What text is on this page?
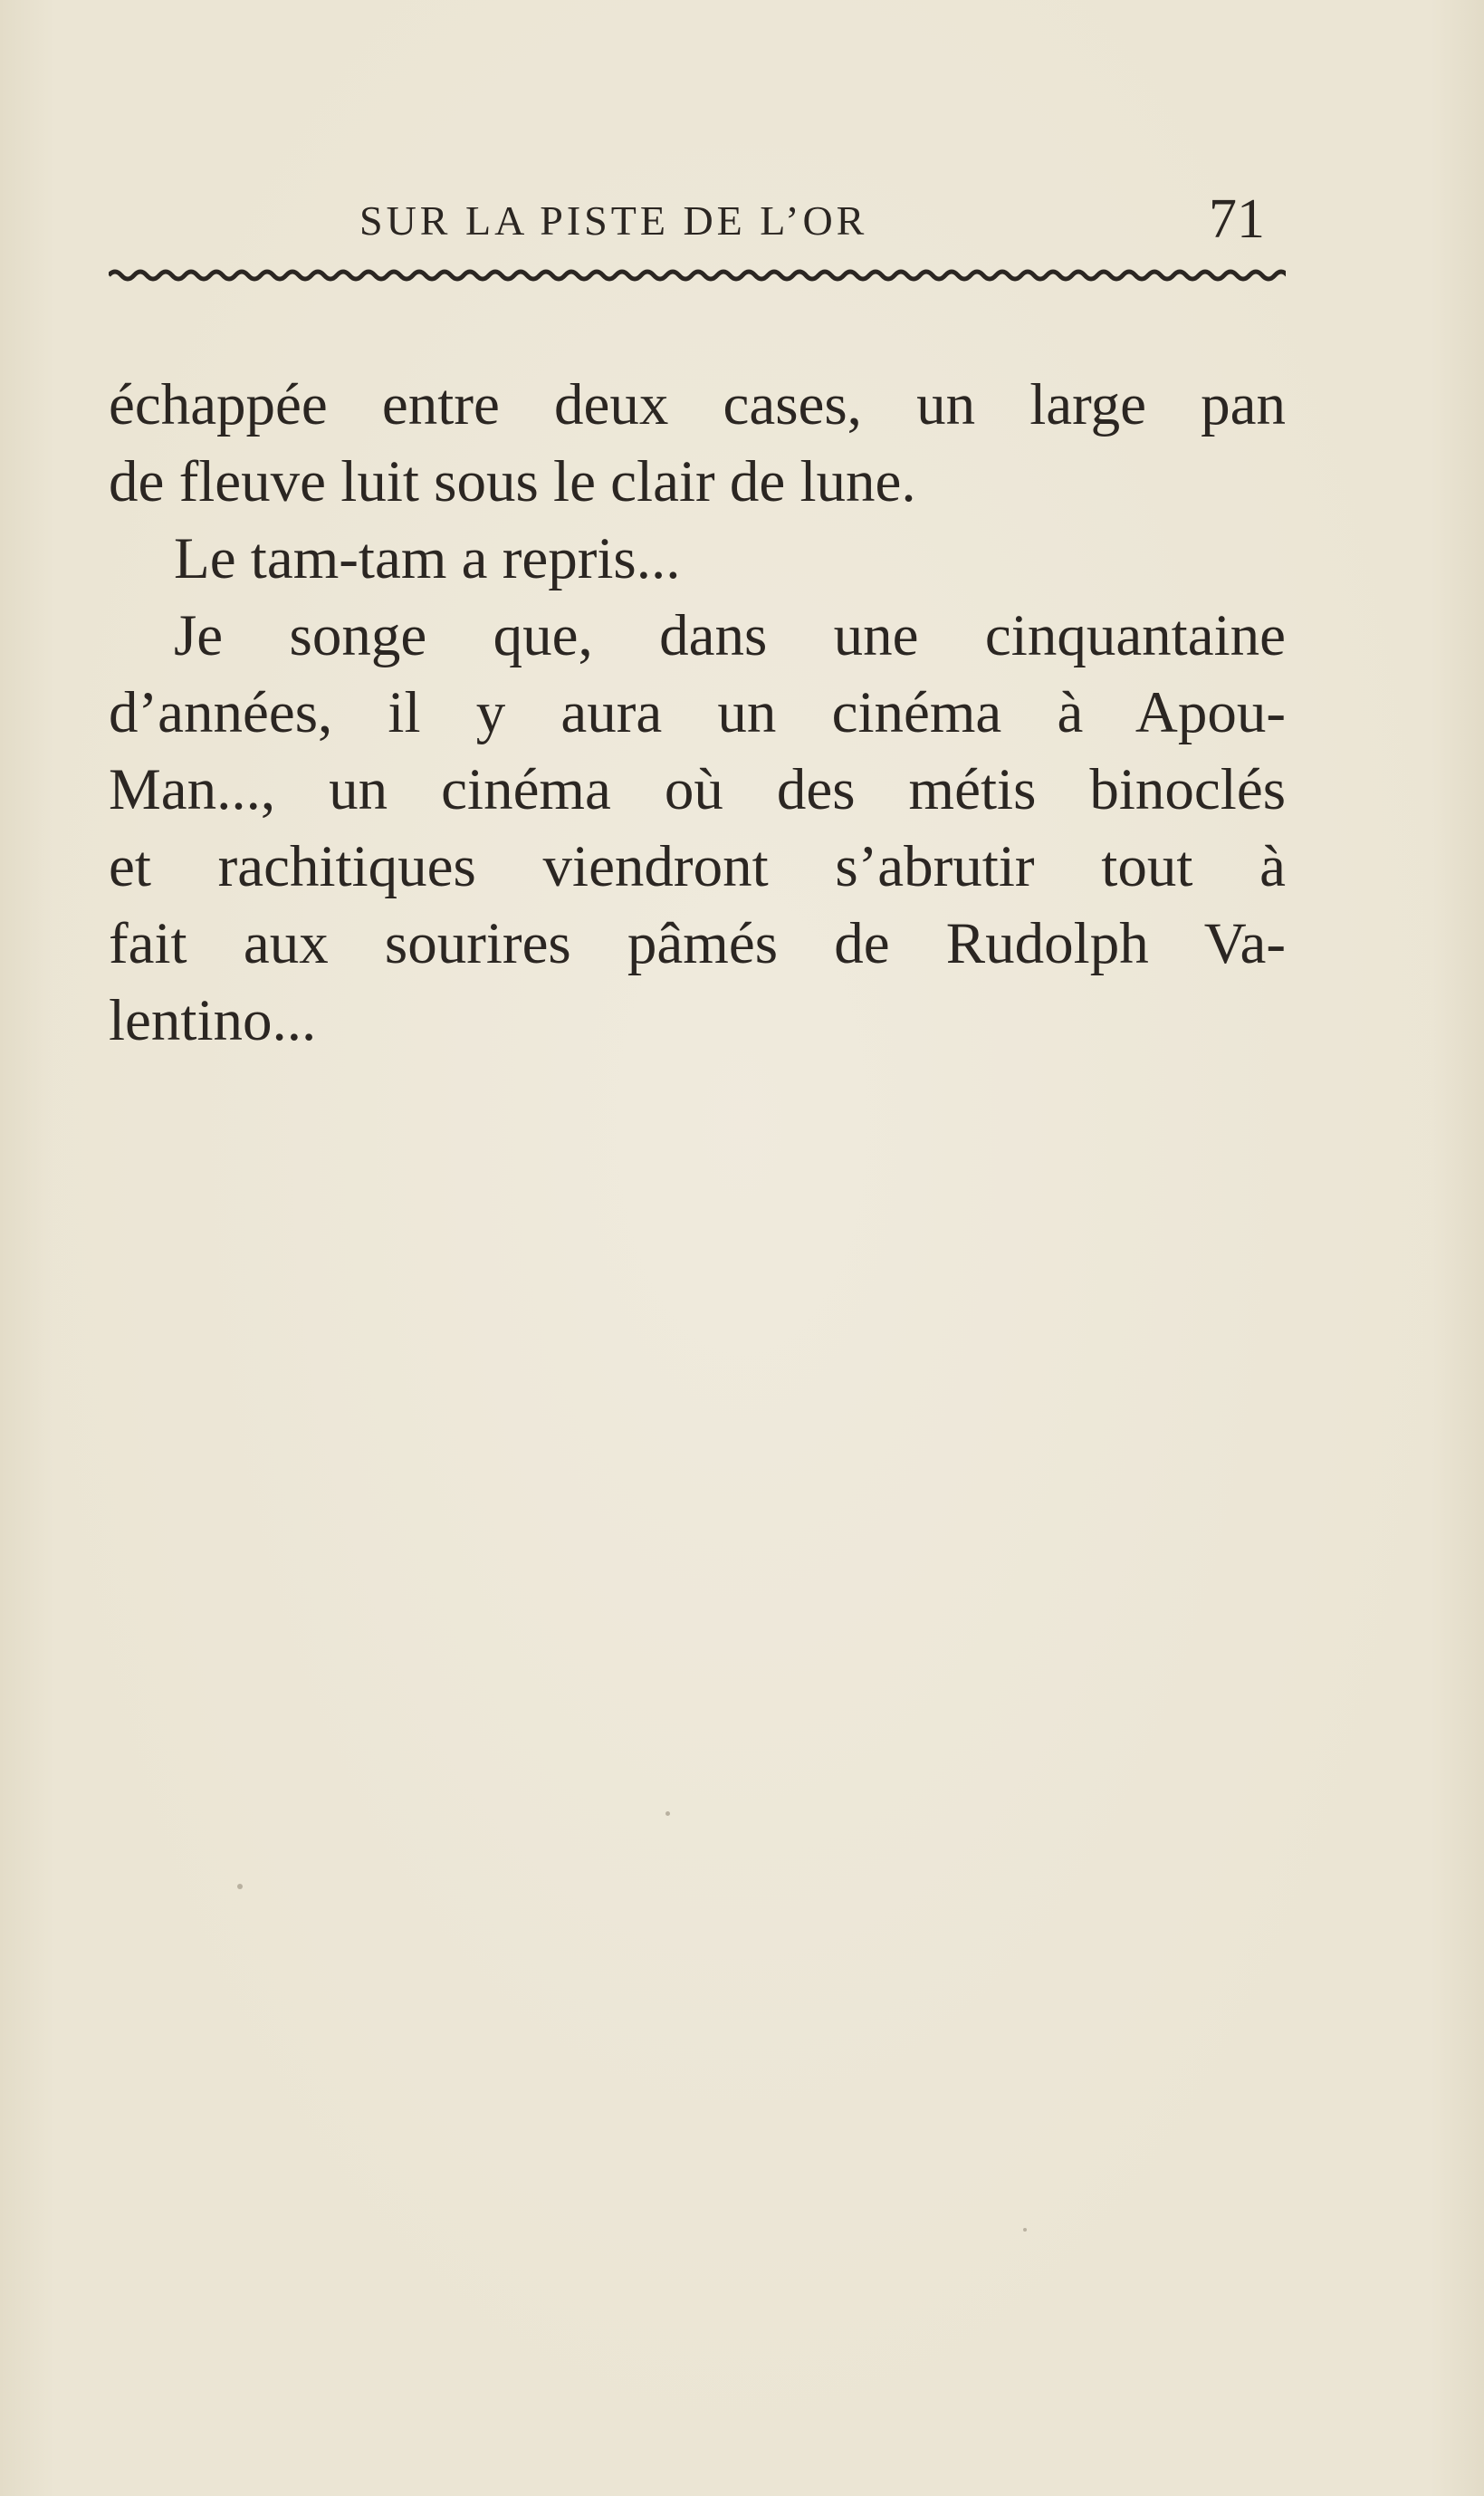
SUR LA PISTE DE L’OR	71
échappée entre deux cases, un large pan
de fleuve luit sous le clair de lune.
Le tam-tam a repris...
Je songe que, dans une cinquantaine
d’années, il y aura un cinéma à Apou-
Man..., un cinéma où des métis binoclés
et rachitiques viendront s’abrutir tout à
fait aux sourires pâmés de Rudolph Va-
lentino...
